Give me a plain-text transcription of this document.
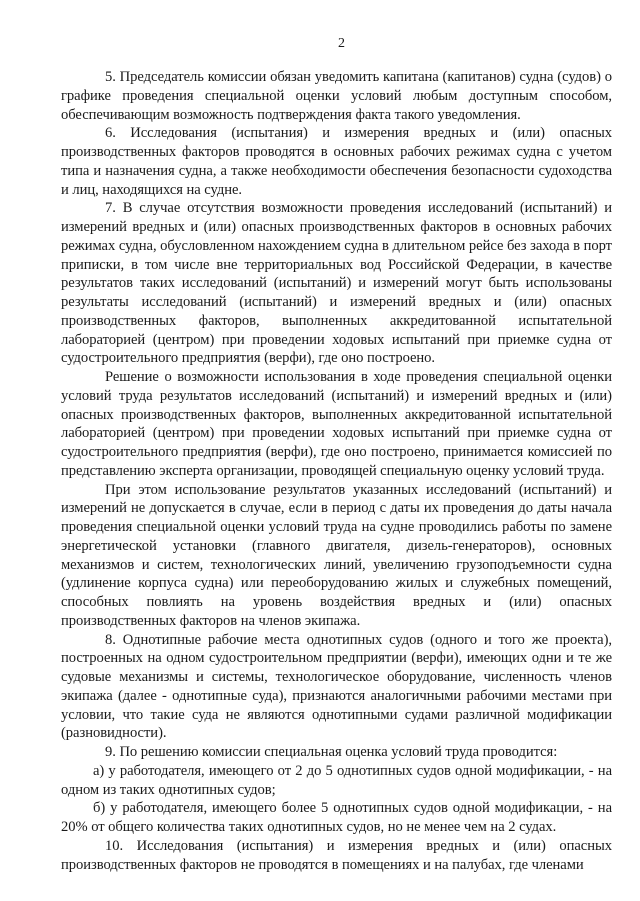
2

5. Председатель комиссии обязан уведомить капитана (капитанов) судна (судов) о графике проведения специальной оценки условий любым доступным способом, обеспечивающим возможность подтверждения факта такого уведомления.

6. Исследования (испытания) и измерения вредных и (или) опасных производственных факторов проводятся в основных рабочих режимах судна с учетом типа и назначения судна, а также необходимости обеспечения безопасности судоходства и лиц, находящихся на судне.

7. В случае отсутствия возможности проведения исследований (испытаний) и измерений вредных и (или) опасных производственных факторов в основных рабочих режимах судна, обусловленном нахождением судна в длительном рейсе без захода в порт приписки, в том числе вне территориальных вод Российской Федерации, в качестве результатов таких исследований (испытаний) и измерений могут быть использованы результаты исследований (испытаний) и измерений вредных и (или) опасных производственных факторов, выполненных аккредитованной испытательной лабораторией (центром) при проведении ходовых испытаний при приемке судна от судостроительного предприятия (верфи), где оно построено.

Решение о возможности использования в ходе проведения специальной оценки условий труда результатов исследований (испытаний) и измерений вредных и (или) опасных производственных факторов, выполненных аккредитованной испытательной лабораторией (центром) при проведении ходовых испытаний при приемке судна от судостроительного предприятия (верфи), где оно построено, принимается комиссией по представлению эксперта организации, проводящей специальную оценку условий труда.

При этом использование результатов указанных исследований (испытаний) и измерений не допускается в случае, если в период с даты их проведения до даты начала проведения специальной оценки условий труда на судне проводились работы по замене энергетической установки (главного двигателя, дизель-генераторов), основных механизмов и систем, технологических линий, увеличению грузоподъемности судна (удлинение корпуса судна) или переоборудованию жилых и служебных помещений, способных повлиять на уровень воздействия вредных и (или) опасных производственных факторов на членов экипажа.

8. Однотипные рабочие места однотипных судов (одного и того же проекта), построенных на одном судостроительном предприятии (верфи), имеющих одни и те же судовые механизмы и системы, технологическое оборудование, численность членов экипажа (далее - однотипные суда), признаются аналогичными рабочими местами при условии, что такие суда не являются однотипными судами различной модификации (разновидности).

9. По решению комиссии специальная оценка условий труда проводится:

а) у работодателя, имеющего от 2 до 5 однотипных судов одной модификации, - на одном из таких однотипных судов;

б) у работодателя, имеющего более 5 однотипных судов одной модификации, - на 20% от общего количества таких однотипных судов, но не менее чем на 2 судах.

10. Исследования (испытания) и измерения вредных и (или) опасных производственных факторов не проводятся в помещениях и на палубах, где членами
